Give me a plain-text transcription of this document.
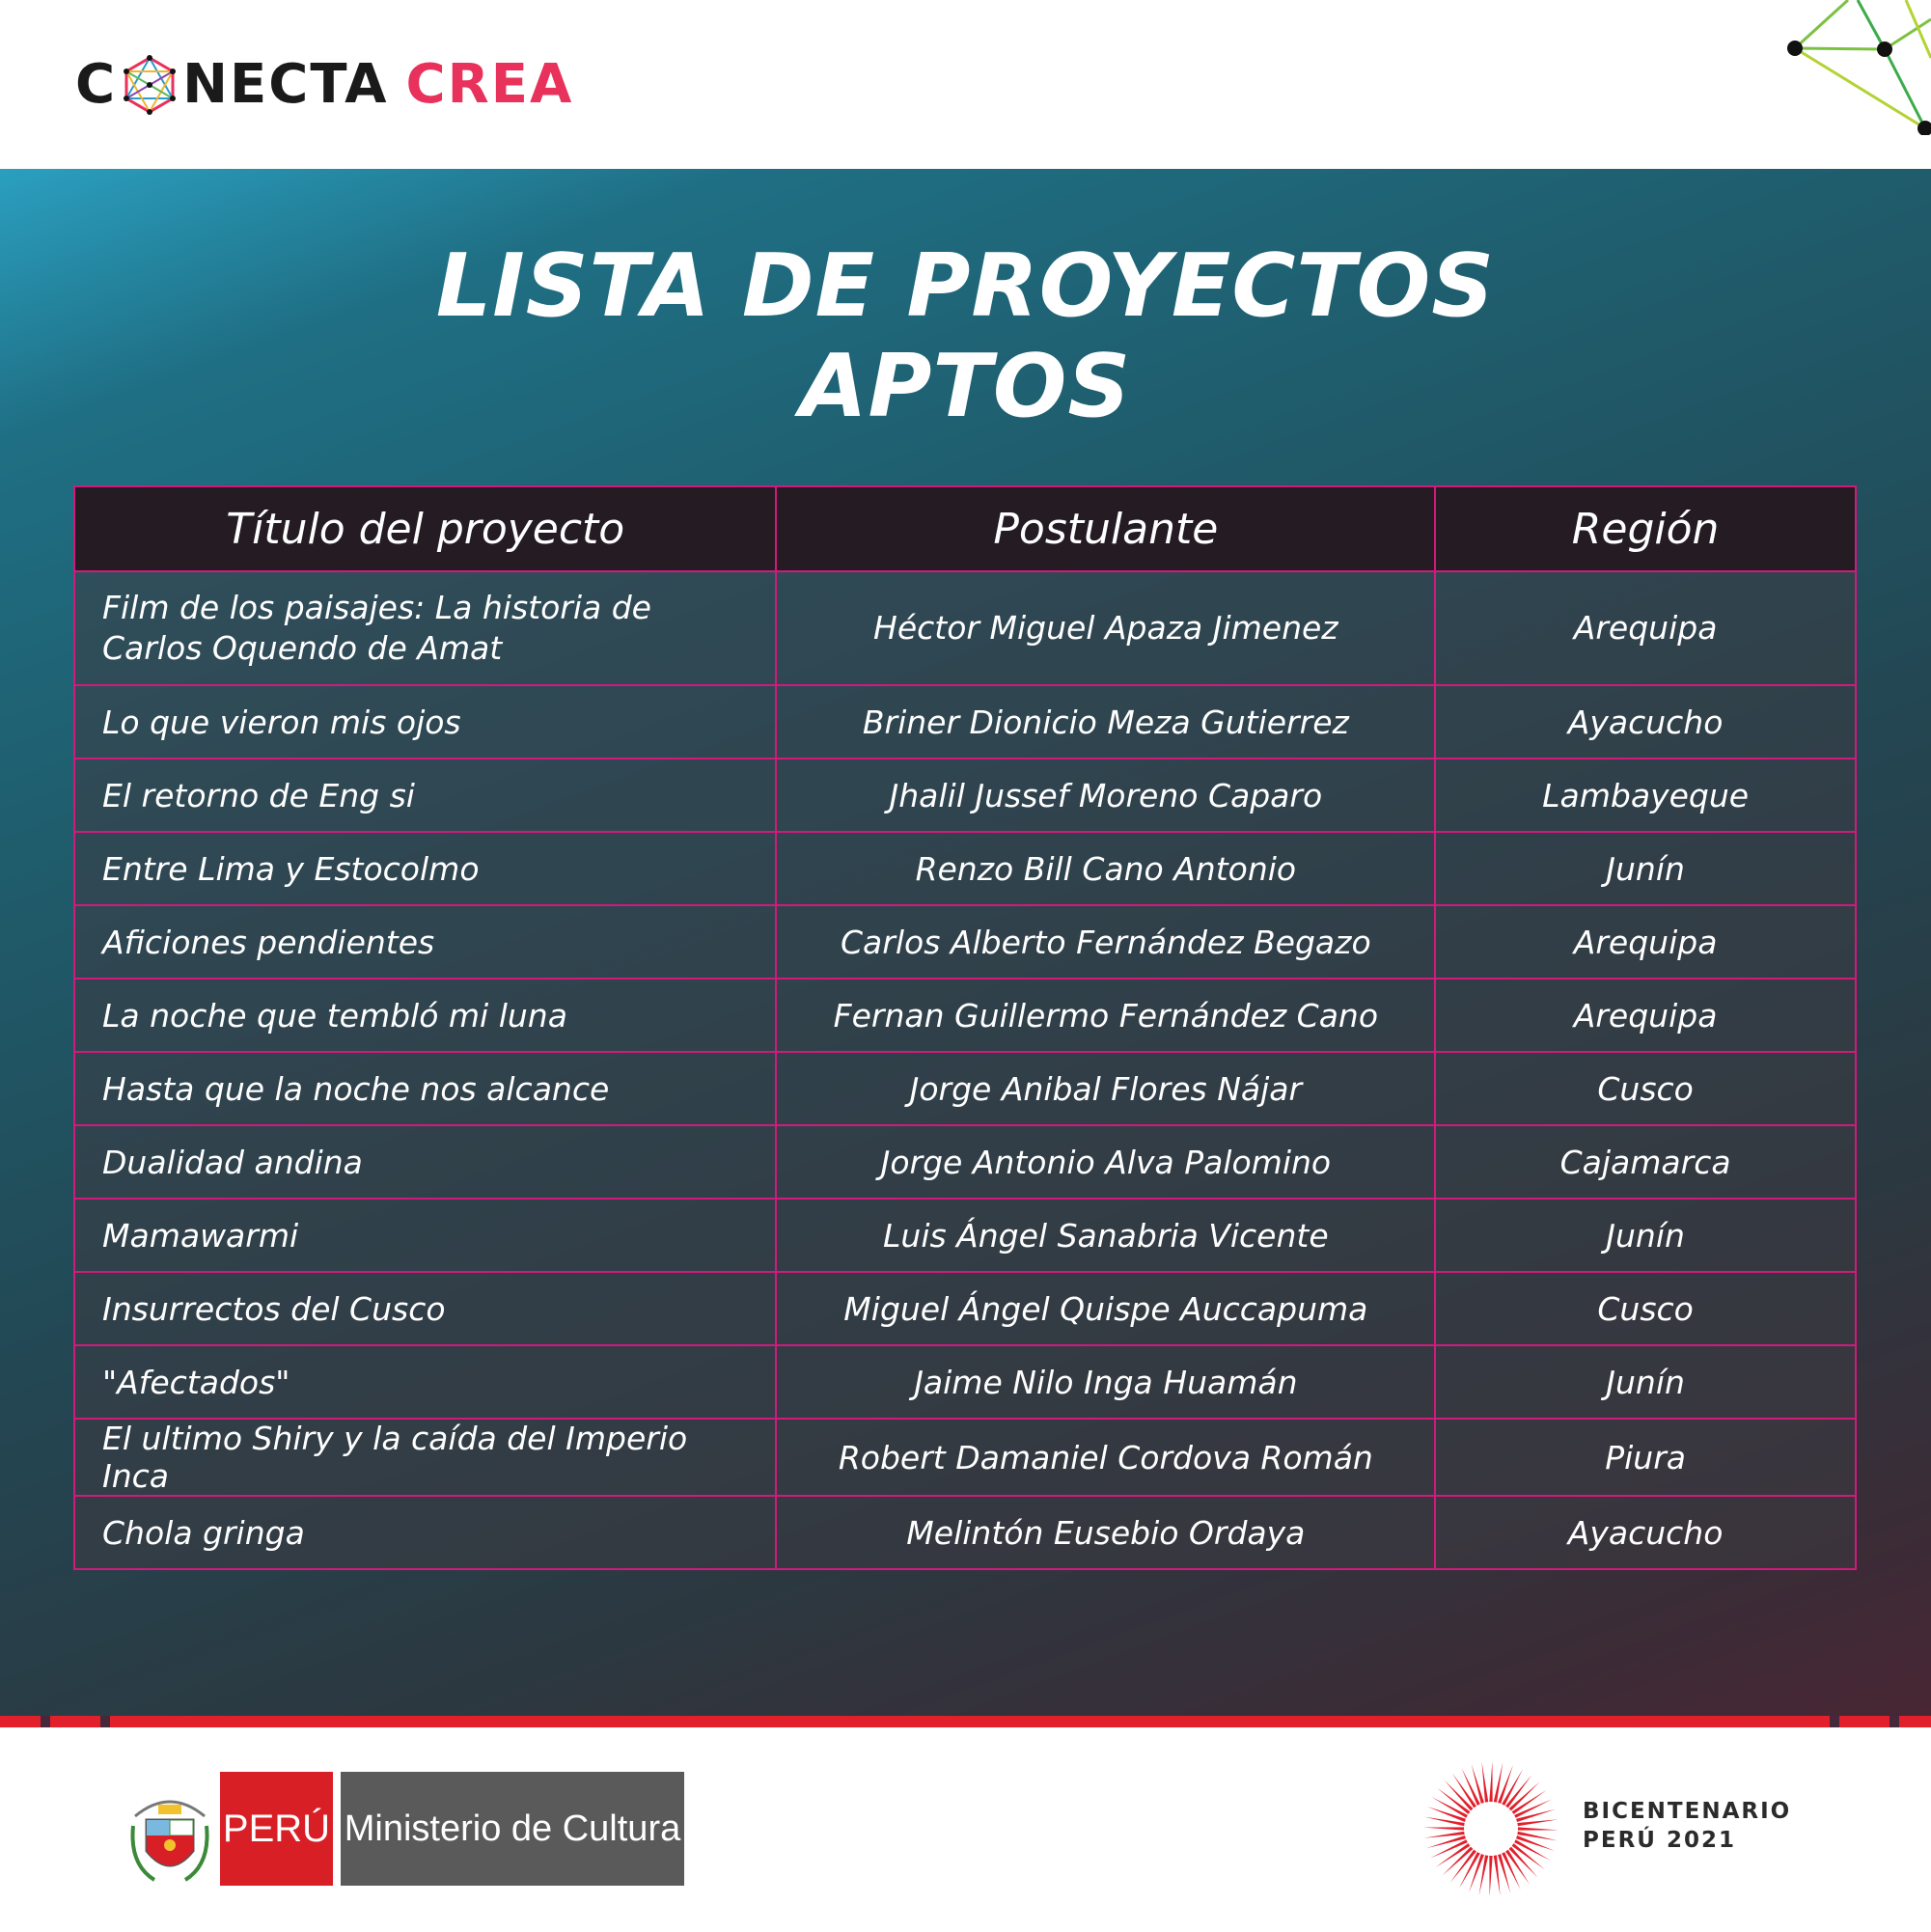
C NECTA CREA
LISTA DE PROYECTOS
APTOS
Título del proyecto	Postulante	Región
Film de los paisajes: La historia de Carlos Oquendo de Amat	Héctor Miguel Apaza Jimenez	Arequipa
Lo que vieron mis ojos	Briner Dionicio Meza Gutierrez	Ayacucho
El retorno de Eng si	Jhalil Jussef Moreno Caparo	Lambayeque
Entre Lima y Estocolmo	Renzo Bill Cano Antonio	Junín
Aficiones pendientes	Carlos Alberto Fernández Begazo	Arequipa
La noche que tembló mi luna	Fernan Guillermo Fernández Cano	Arequipa
Hasta que la noche nos alcance	Jorge Anibal Flores Nájar	Cusco
Dualidad andina	Jorge Antonio Alva Palomino	Cajamarca
Mamawarmi	Luis Ángel Sanabria Vicente	Junín
Insurrectos del Cusco	Miguel Ángel Quispe Auccapuma	Cusco
"Afectados"	Jaime Nilo Inga Huamán	Junín
El ultimo Shiry y la caída del Imperio Inca	Robert Damaniel Cordova Román	Piura
Chola gringa	Melintón Eusebio Ordaya	Ayacucho
PERÚ Ministerio de Cultura	BICENTENARIO
PERÚ 2021
